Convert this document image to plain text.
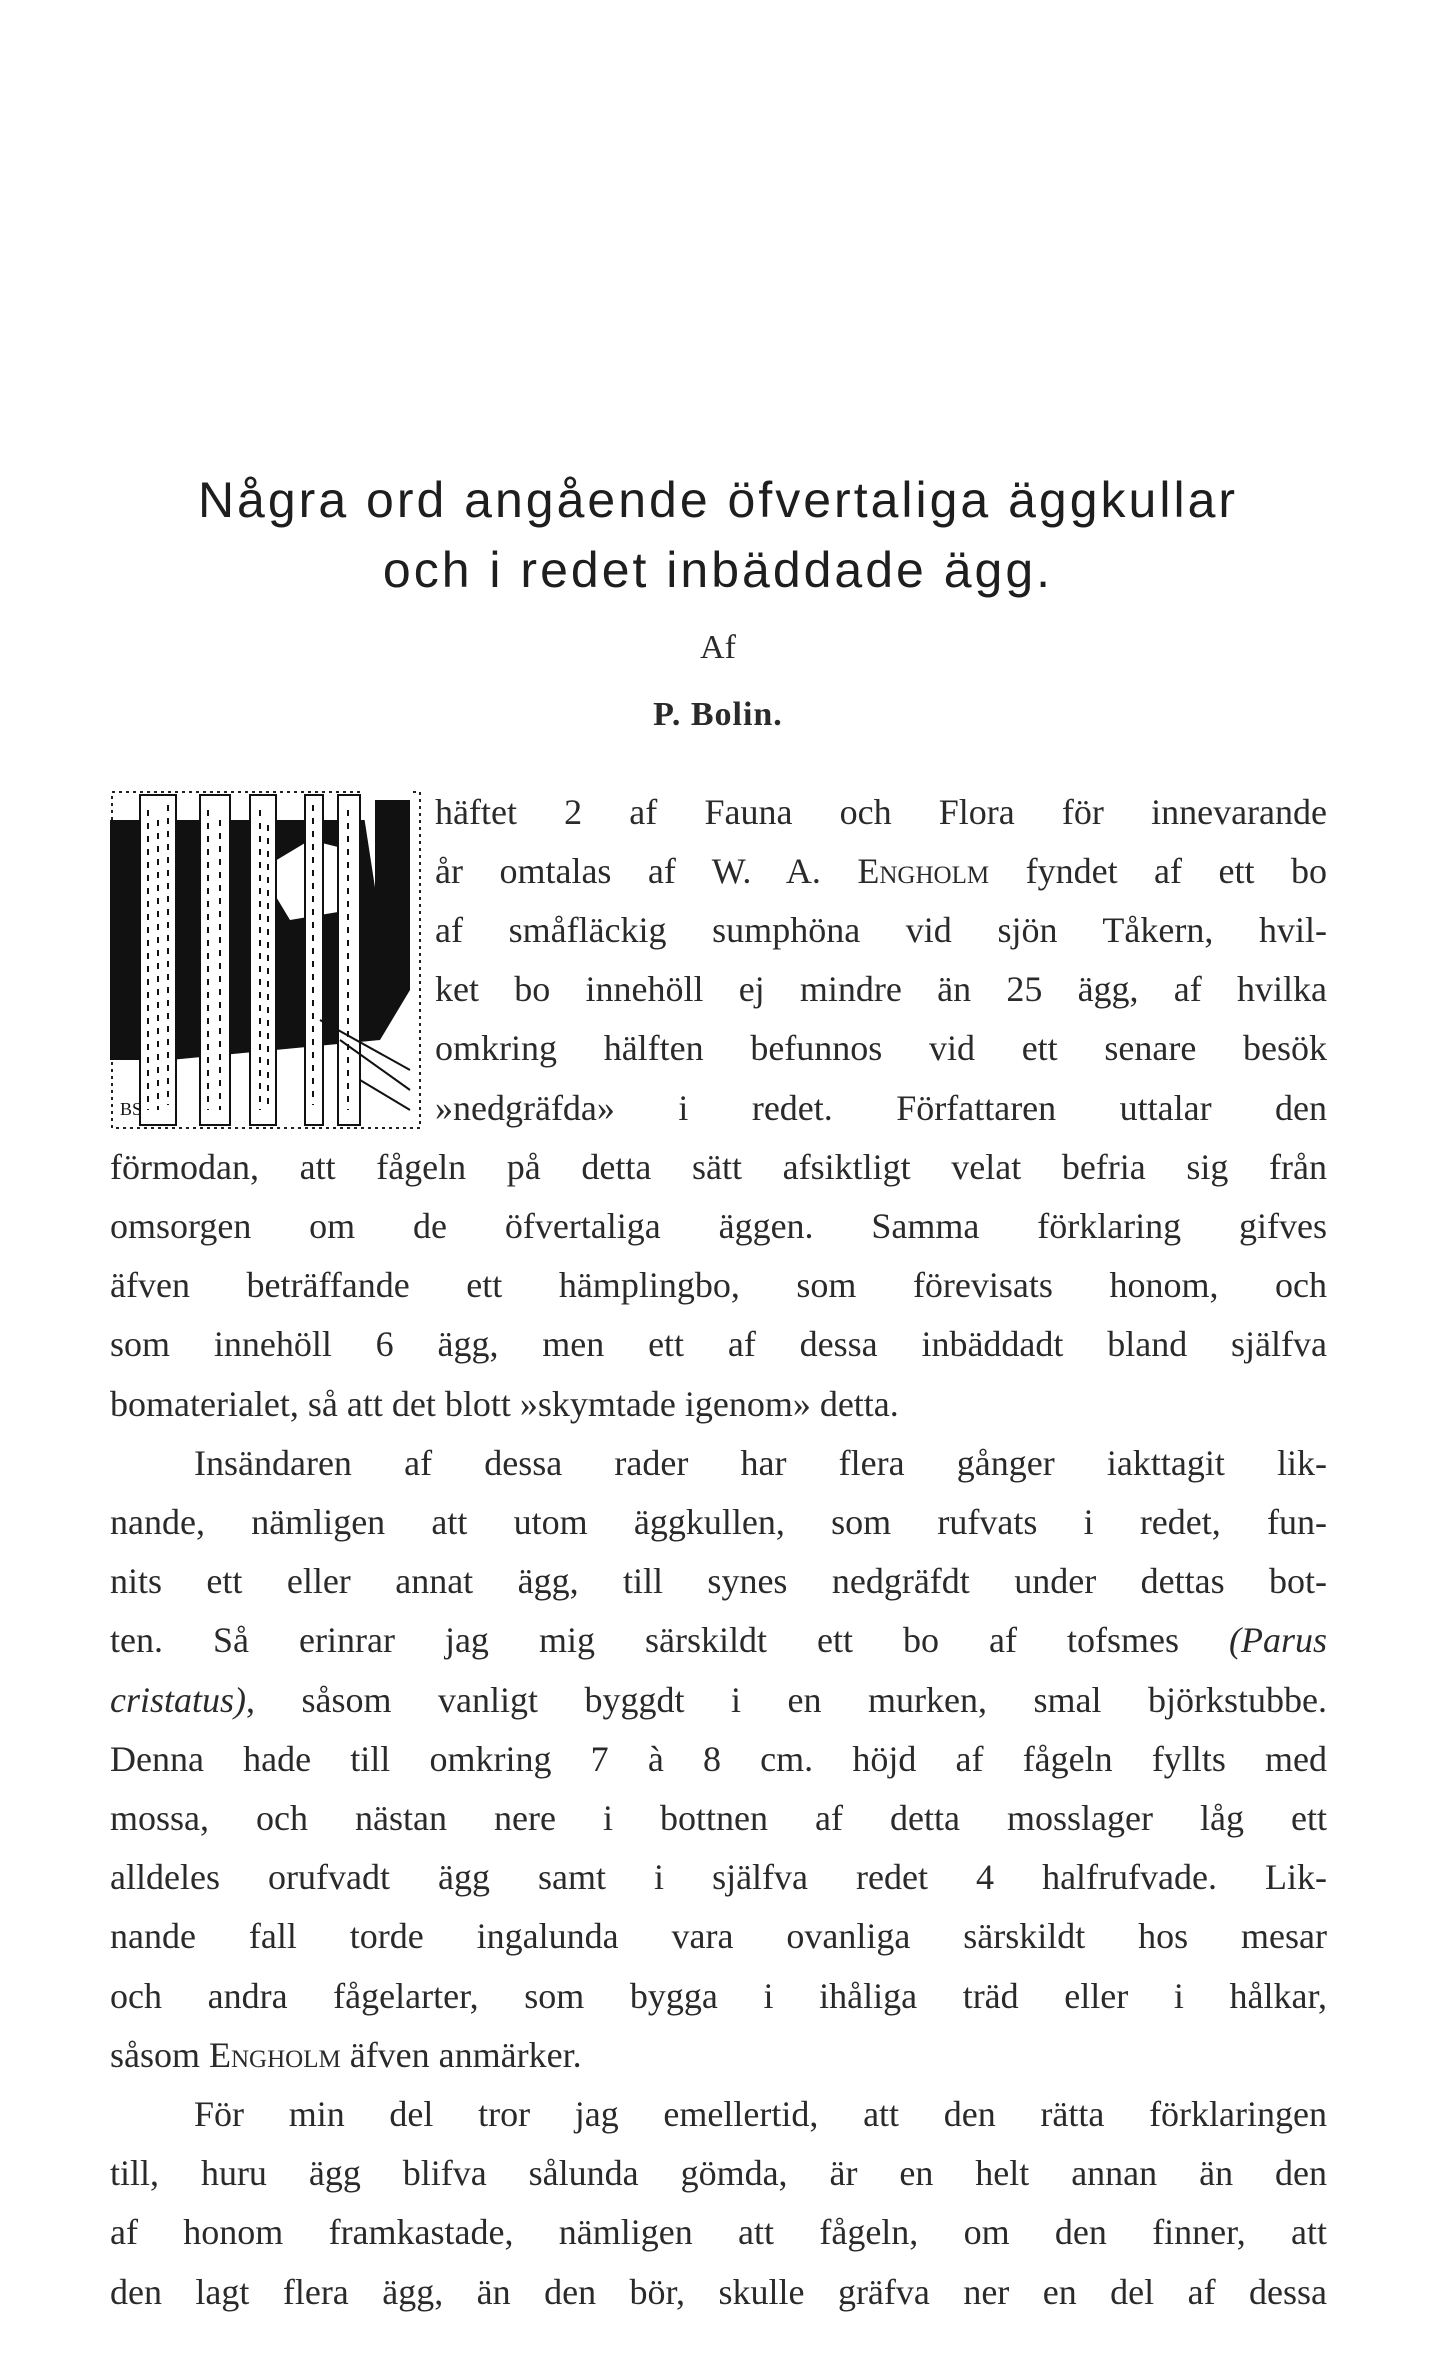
Några ord angående öfvertaliga äggkullar
och i redet inbäddade ägg.
Af
P. Bolin.
BS
häftet 2 af Fauna och Flora för innevarande
år omtalas af W. A. Engholm fyndet af ett bo
af småfläckig sumphöna vid sjön Tåkern, hvil-
ket bo innehöll ej mindre än 25 ägg, af hvilka
omkring hälften befunnos vid ett senare besök
»nedgräfda» i redet. Författaren uttalar den
förmodan, att fågeln på detta sätt afsiktligt velat befria sig från
omsorgen om de öfvertaliga äggen. Samma förklaring gifves
äfven beträffande ett hämplingbo, som förevisats honom, och
som innehöll 6 ägg, men ett af dessa inbäddadt bland själfva
bomaterialet, så att det blott »skymtade igenom» detta.
Insändaren af dessa rader har flera gånger iakttagit lik-
nande, nämligen att utom äggkullen, som rufvats i redet, fun-
nits ett eller annat ägg, till synes nedgräfdt under dettas bot-
ten. Så erinrar jag mig särskildt ett bo af tofsmes (Parus
cristatus), såsom vanligt byggdt i en murken, smal björkstubbe.
Denna hade till omkring 7 à 8 cm. höjd af fågeln fyllts med
mossa, och nästan nere i bottnen af detta mosslager låg ett
alldeles orufvadt ägg samt i själfva redet 4 halfrufvade. Lik-
nande fall torde ingalunda vara ovanliga särskildt hos mesar
och andra fågelarter, som bygga i ihåliga träd eller i hålkar,
såsom Engholm äfven anmärker.
För min del tror jag emellertid, att den rätta förklaringen
till, huru ägg blifva sålunda gömda, är en helt annan än den
af honom framkastade, nämligen att fågeln, om den finner, att
den lagt flera ägg, än den bör, skulle gräfva ner en del af dessa
